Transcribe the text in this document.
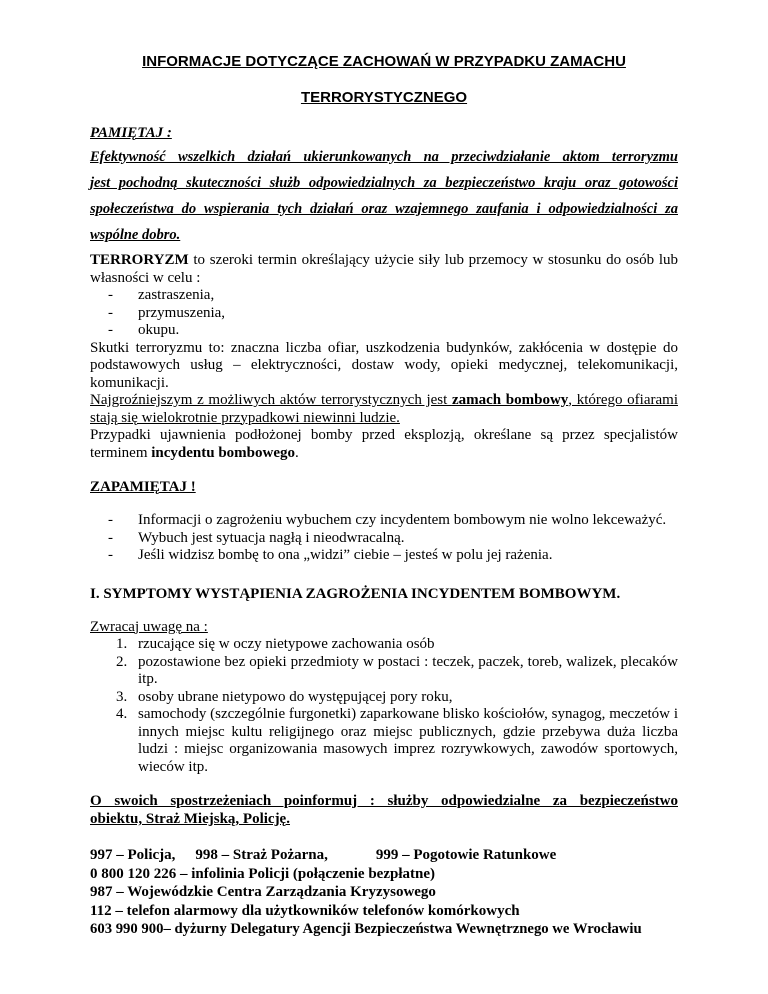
INFORMACJE DOTYCZĄCE ZACHOWAŃ W PRZYPADKU ZAMACHU
TERRORYSTYCZNEGO
PAMIĘTAJ :
Efektywność wszelkich działań ukierunkowanych na przeciwdziałanie aktom terroryzmu
jest pochodną skuteczności służb odpowiedzialnych za bezpieczeństwo kraju oraz gotowości
społeczeństwa do wspierania tych działań oraz wzajemnego zaufania i odpowiedzialności za
wspólne dobro.
TERRORYZM to szeroki termin określający użycie siły lub przemocy w stosunku do osób lub własności w celu :
- zastraszenia,
- przymuszenia,
- okupu.
Skutki terroryzmu to: znaczna liczba ofiar, uszkodzenia budynków, zakłócenia w dostępie do podstawowych usług – elektryczności, dostaw wody, opieki medycznej, telekomunikacji, komunikacji.
Najgroźniejszym z możliwych aktów terrorystycznych jest zamach bombowy, którego ofiarami stają się wielokrotnie przypadkowi niewinni ludzie.
Przypadki ujawnienia podłożonej bomby przed eksplozją, określane są przez specjalistów terminem incydentu bombowego.
ZAPAMIĘTAJ !
- Informacji o zagrożeniu wybuchem czy incydentem bombowym nie wolno lekceważyć.
- Wybuch jest sytuacja nagłą i nieodwracalną.
- Jeśli widzisz bombę to ona „widzi” ciebie – jesteś w polu jej rażenia.
I. SYMPTOMY WYSTĄPIENIA ZAGROŻENIA INCYDENTEM BOMBOWYM.
Zwracaj uwagę na :
1. rzucające się w oczy nietypowe zachowania osób
2. pozostawione bez opieki przedmioty w postaci : teczek, paczek, toreb, walizek, plecaków itp.
3. osoby ubrane nietypowo do występującej pory roku,
4. samochody (szczególnie furgonetki) zaparkowane blisko kościołów, synagog, meczetów i innych miejsc kultu religijnego oraz miejsc publicznych, gdzie przebywa duża liczba ludzi : miejsc organizowania masowych imprez rozrywkowych, zawodów sportowych, wieców itp.
O swoich spostrzeżeniach poinformuj : służby odpowiedzialne za bezpieczeństwo
obiektu, Straż Miejską, Policję.
997 – Policja, 998 – Straż Pożarna,	999 – Pogotowie Ratunkowe
0 800 120 226 – infolinia Policji (połączenie bezpłatne)
987 – Wojewódzkie Centra Zarządzania Kryzysowego
112 – telefon alarmowy dla użytkowników telefonów komórkowych
603 990 900– dyżurny Delegatury Agencji Bezpieczeństwa Wewnętrznego we Wrocławiu
